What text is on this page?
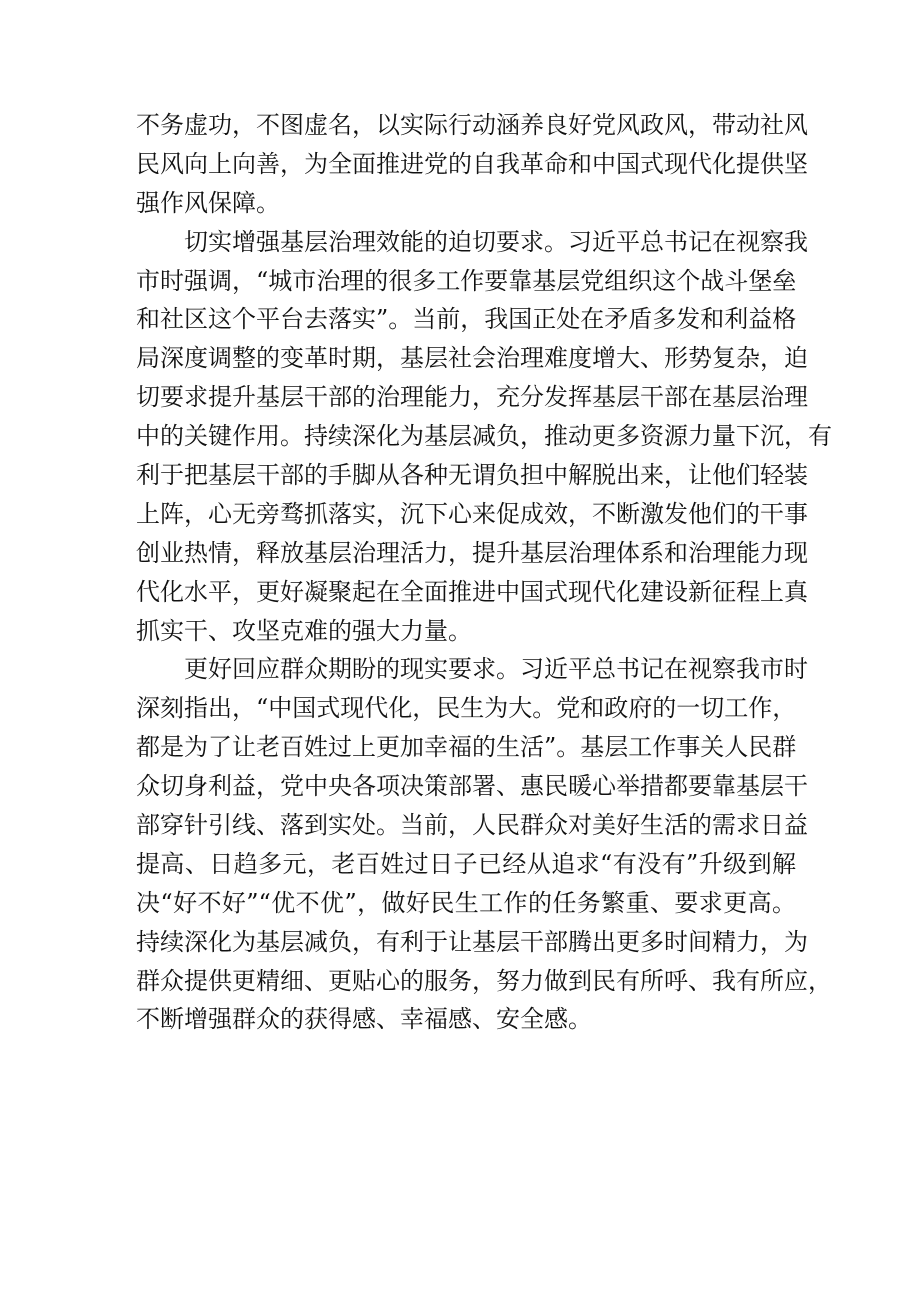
不务虚功，不图虚名，以实际行动涵养良好党风政风，带动社风
民风向上向善，为全面推进党的自我革命和中国式现代化提供坚
强作风保障。
切实增强基层治理效能的迫切要求。习近平总书记在视察我
市时强调，“城市治理的很多工作要靠基层党组织这个战斗堡垒
和社区这个平台去落实”。当前，我国正处在矛盾多发和利益格
局深度调整的变革时期，基层社会治理难度增大、形势复杂，迫
切要求提升基层干部的治理能力，充分发挥基层干部在基层治理
中的关键作用。持续深化为基层减负，推动更多资源力量下沉，有
利于把基层干部的手脚从各种无谓负担中解脱出来，让他们轻装
上阵，心无旁骛抓落实，沉下心来促成效，不断激发他们的干事
创业热情，释放基层治理活力，提升基层治理体系和治理能力现
代化水平，更好凝聚起在全面推进中国式现代化建设新征程上真
抓实干、攻坚克难的强大力量。
更好回应群众期盼的现实要求。习近平总书记在视察我市时
深刻指出，“中国式现代化，民生为大。党和政府的一切工作，
都是为了让老百姓过上更加幸福的生活”。基层工作事关人民群
众切身利益，党中央各项决策部署、惠民暖心举措都要靠基层干
部穿针引线、落到实处。当前，人民群众对美好生活的需求日益
提高、日趋多元，老百姓过日子已经从追求“有没有”升级到解
决“好不好”“优不优”，做好民生工作的任务繁重、要求更高。
持续深化为基层减负，有利于让基层干部腾出更多时间精力，为
群众提供更精细、更贴心的服务，努力做到民有所呼、我有所应，
不断增强群众的获得感、幸福感、安全感。
